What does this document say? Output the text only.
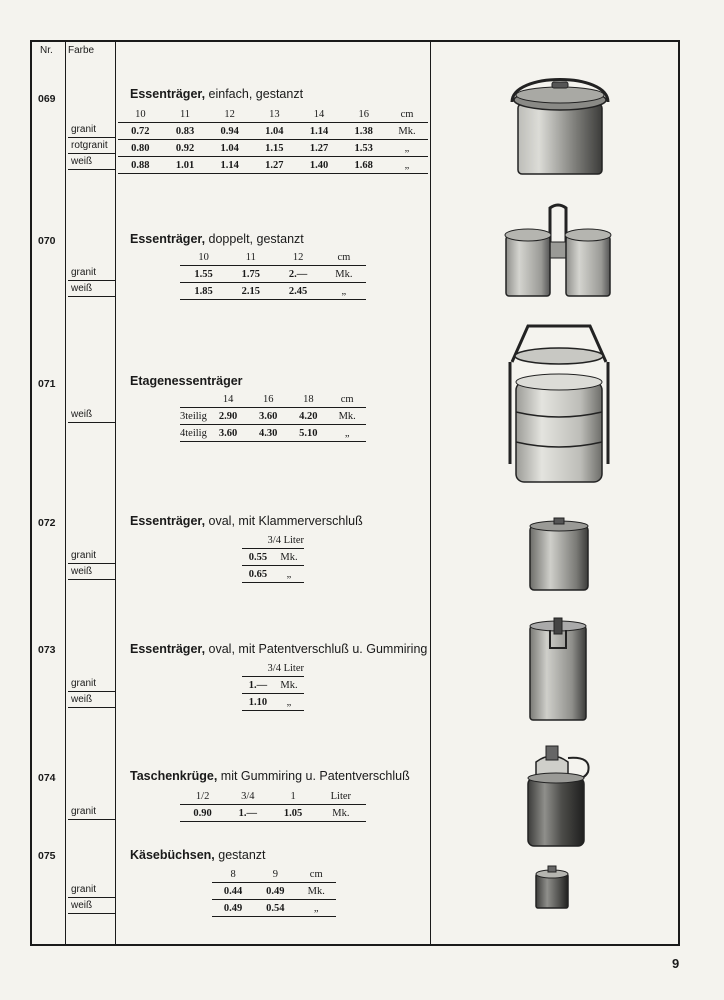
Nr. Farbe
069	Essenträger, einfach, gestanzt
granit
rotgranit
weiß
10	11	12	13	14	16	cm
0.72	0.83	0.94	1.04	1.14	1.38	Mk.
0.80	0.92	1.04	1.15	1.27	1.53	„
0.88	1.01	1.14	1.27	1.40	1.68	„
070	Essenträger, doppelt, gestanzt
granit
weiß
10	11	12	cm
1.55	1.75	2.—	Mk.
1.85	2.15	2.45	„
071	Etagenessenträger
weiß
	14	16	18	cm
3teilig	2.90	3.60	4.20	Mk.
4teilig	3.60	4.30	5.10	„
072	Essenträger, oval, mit Klammerverschluß
granit
weiß
3/4 Liter	
0.55	Mk.
0.65	„
073	Essenträger, oval, mit Patentverschluß u. Gummiring
granit
weiß
3/4 Liter	
1.—	Mk.
1.10	„
074	Taschenkrüge, mit Gummiring u. Patentverschluß
granit
1/2	3/4	1	Liter
0.90	1.—	1.05	Mk.
075	Käsebüchsen, gestanzt
granit
weiß
8	9	cm
0.44	0.49	Mk.
0.49	0.54	„
9
